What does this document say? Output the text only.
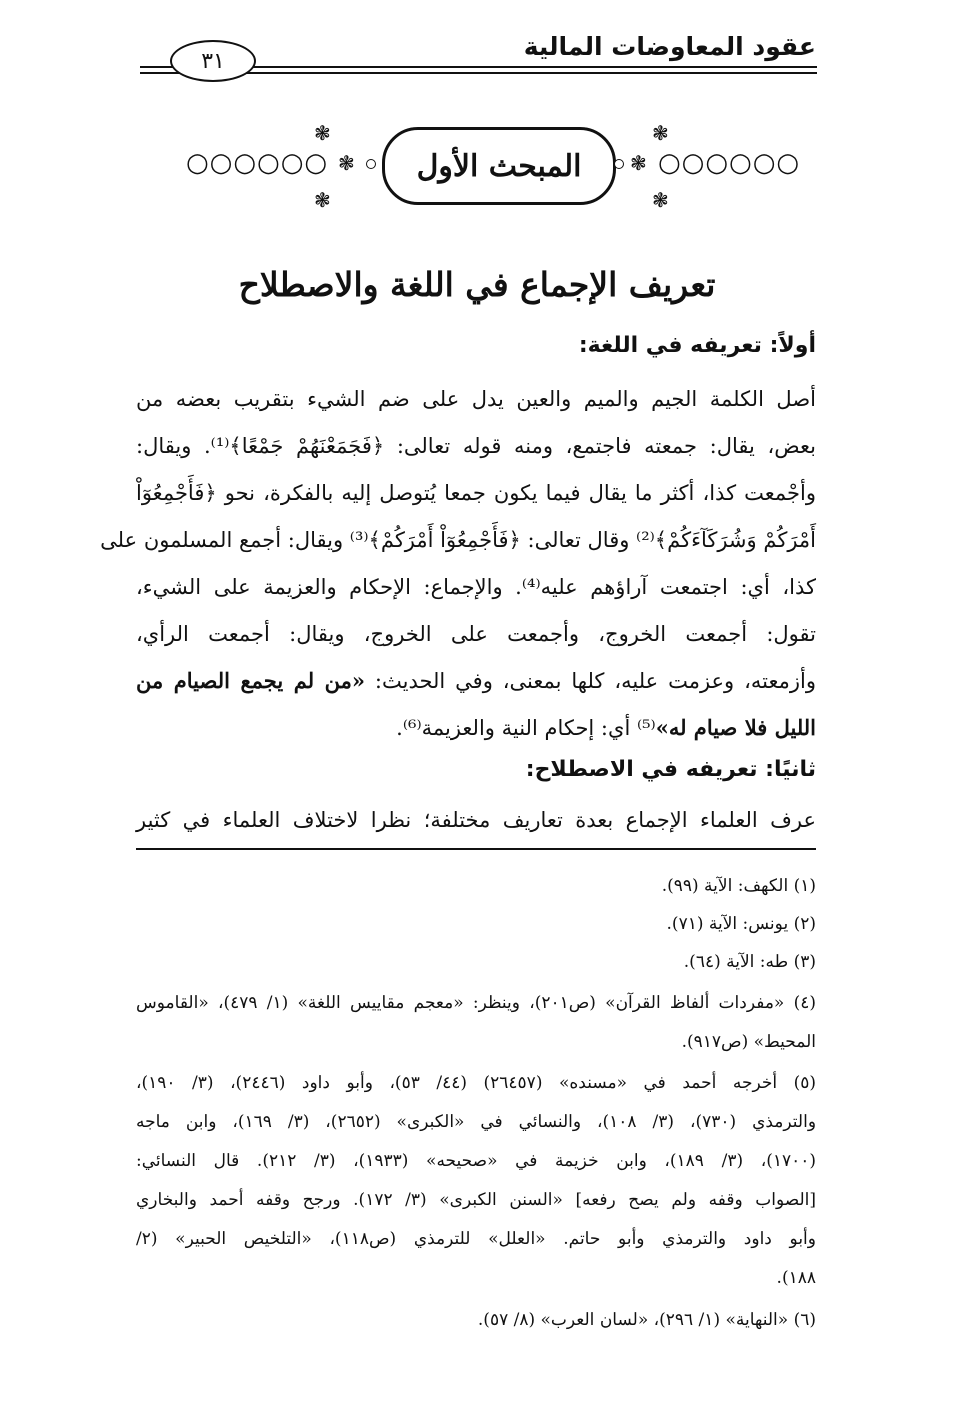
عقود المعاوضات المالية
٣١
○○○○○○ ❃
❃
❃
المبحث الأول	❃
❃
❃
○○○○○○
تعريف الإجماع في اللغة والاصطلاح
أولاً: تعريفه في اللغة:
أصل الكلمة الجيم والميم والعين يدل على ضم الشيء بتقريب بعضه من
بعض، يقال: جمعته فاجتمع، ومنه قوله تعالى: ﴿فَجَمَعْنَهُمْ جَمْعًا﴾⁽¹⁾. ويقال:
وأجْمعت كذا، أكثر ما يقال فيما يكون جمعا يُتوصل إليه بالفكرة، نحو ﴿فَأَجْمِعُوٓاْ
أَمْرَكُمْ وَشُرَكَآءَكُمْ﴾⁽²⁾ وقال تعالى: ﴿فَأَجْمِعُوٓاْ أَمْرَكُمْ﴾⁽³⁾ ويقال: أجمع المسلمون على
كذا، أي: اجتمعت آراؤهم عليه⁽⁴⁾. والإجماع: الإحكام والعزيمة على الشيء،
تقول: أجمعت الخروج، وأجمعت على الخروج، ويقال: أجمعت الرأي،
وأزمعته، وعزمت عليه، كلها بمعنى، وفي الحديث: «من لم يجمع الصيام من
الليل فلا صيام له»⁽⁵⁾ أي: إحكام النية والعزيمة⁽⁶⁾.
ثانيًا: تعريفه في الاصطلاح:
عرف العلماء الإجماع بعدة تعاريف مختلفة؛ نظرا لاختلاف العلماء في كثير
(١) الكهف: الآية (٩٩).
(٢) يونس: الآية (٧١).
(٣) طه: الآية (٦٤).
(٤) «مفردات ألفاظ القرآن» (ص٢٠١)، وينظر: «معجم مقاييس اللغة» (١/ ٤٧٩)، «القاموس
المحيط» (ص٩١٧).
(٥) أخرجه أحمد في «مسنده» (٢٦٤٥٧) (٤٤/ ٥٣)، وأبو داود (٢٤٤٦)، (٣/ ١٩٠)،
والترمذي (٧٣٠)، (٣/ ١٠٨)، والنسائي في «الكبرى» (٢٦٥٢)، (٣/ ١٦٩)، وابن ماجه
(١٧٠٠)، (٣/ ١٨٩)، وابن خزيمة في «صحيحه» (١٩٣٣)، (٣/ ٢١٢). قال النسائي:
[الصواب وقفه ولم يصح رفعه] «السنن الكبرى» (٣/ ١٧٢). ورجح وقفه أحمد والبخاري
وأبو داود والترمذي وأبو حاتم. «العلل» للترمذي (ص١١٨)، «التلخيص الحبير» (٢/
١٨٨).
(٦) «النهاية» (١/ ٢٩٦)، «لسان العرب» (٨/ ٥٧).
